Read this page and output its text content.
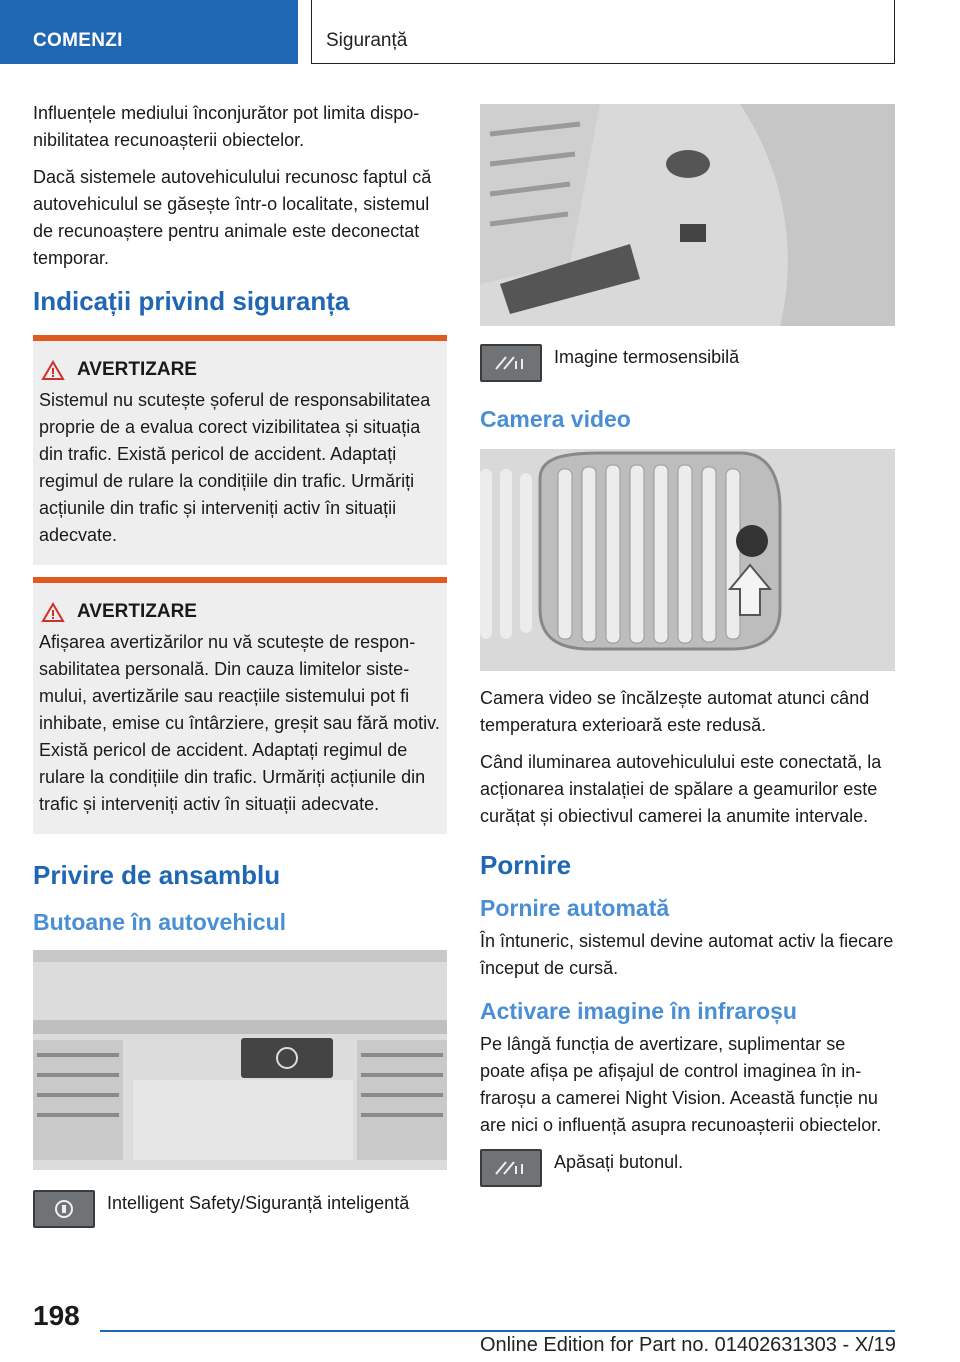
COMENZI	Siguranță

Influențele mediului înconjurător pot limita disponibilitatea recunoașterii obiectelor.

Dacă sistemele autovehiculului recunosc faptul că autovehiculul se găsește într-o localitate, sistemul de recunoaștere pentru animale este deconectat temporar.

Indicații privind siguranța
AVERTIZARE

Sistemul nu scutește șoferul de responsabilitatea proprie de a evalua corect vizibilitatea și situația din trafic. Există pericol de accident. Adaptați regimul de rulare la condițiile din trafic. Urmăriți acțiunile din trafic și interveniți activ în situații adecvate.

AVERTIZARE

Afișarea avertizărilor nu vă scutește de responsabilitatea personală. Din cauza limitelor sistemului, avertizările sau reacțiile sistemului pot fi inhibate, emise cu întârziere, greșit sau fără motiv. Există pericol de accident. Adaptați regimul de rulare la condițiile din trafic. Urmăriți acțiunile din trafic și interveniți activ în situații adecvate.

Privire de ansamblu
Butoane în autovehicul

Intelligent Safety/Siguranță inteligentă

Imagine termosensibilă

Camera video

Camera video se încălzește automat atunci când temperatura exterioară este redusă.

Când iluminarea autovehiculului este conectată, la acționarea instalației de spălare a geamurilor este curățat și obiectivul camerei la anumite intervale.

Pornire
Pornire automată

În întuneric, sistemul devine automat activ la fiecare început de cursă.

Activare imagine în infraroșu

Pe lângă funcția de avertizare, suplimentar se poate afișa pe afișajul de control imaginea în infraroșu a camerei Night Vision. Această funcție nu are nici o influență asupra recunoașterii obiectelor.

Apăsați butonul.

198
Online Edition for Part no. 01402631303 - X/19
